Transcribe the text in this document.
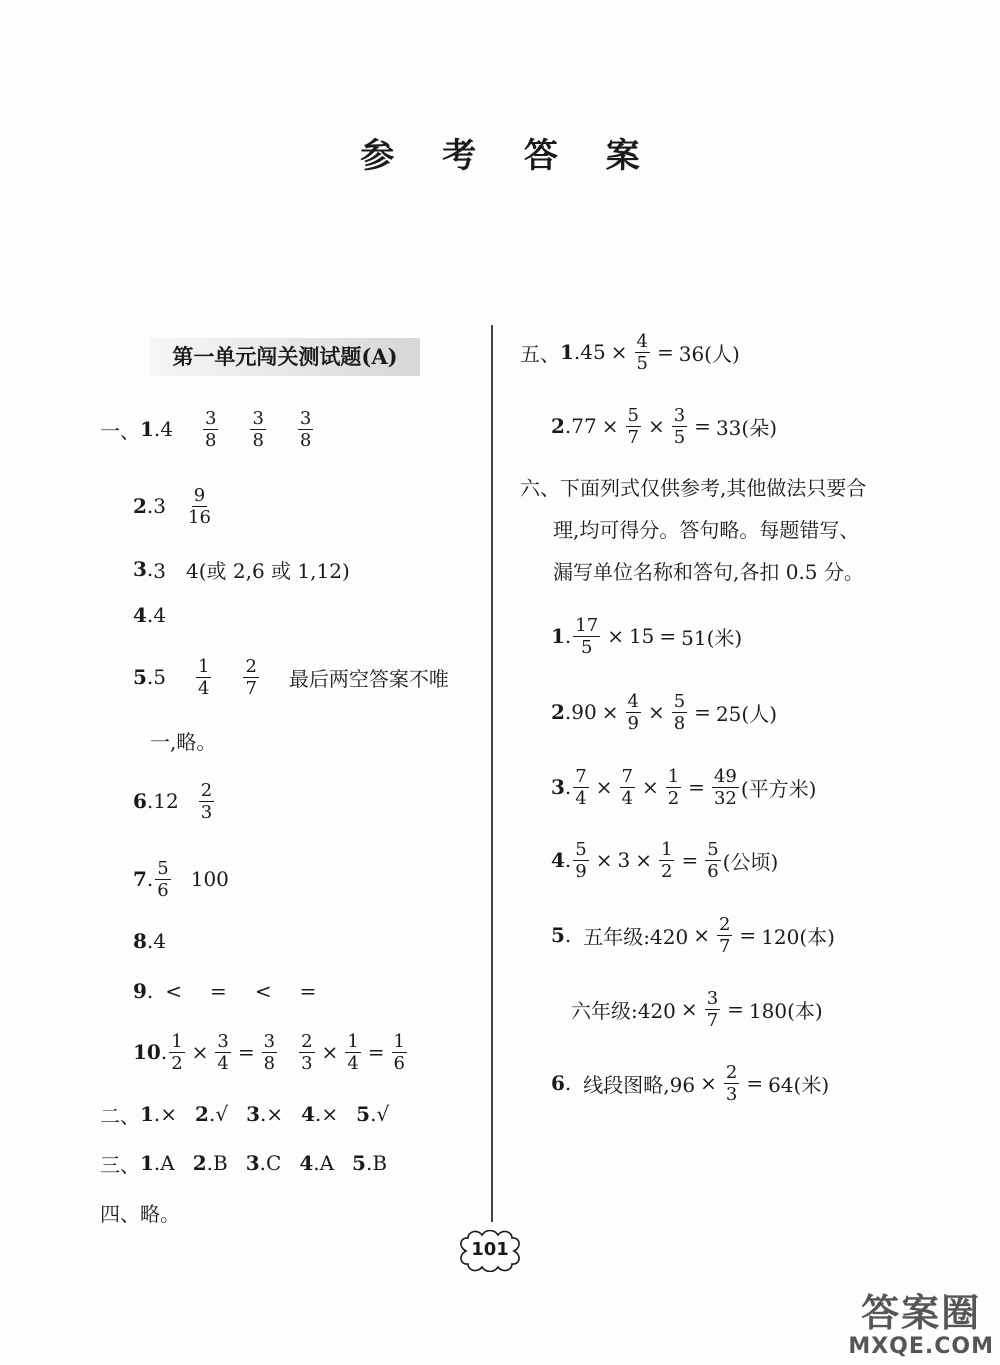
参 考 答 案
第一单元闯关测试题(A)
一、 1 . $4 \frac{3}{8} \frac{3}{8} \frac{3}{8}$
2 . $3 \frac{9}{16}$
3 . 3　4(或 2,6 或 1,12)
4 . 4
5 . $5 \frac{1}{4} \frac{2}{7}$ 最后两空答案不唯
一,略。
6 . $12 \frac{2}{3}$
7 . $\frac{5}{6} 100$
8 . 4
9 . < = < =
10 . $\frac{1}{2} \times \frac{3}{4} = \frac{3}{8} \frac{2}{3} \times \frac{1}{4} = \frac{1}{6}$
二、 1 . × 2 . √ 3 . × 4 . × 5 . √
三、 1 . A 2 . B 3 . C 4 . A 5 . B
四、略。
五、 1 . $45 \times \frac{4}{5} = 36$(人)
2 . $77 \times \frac{5}{7} \times \frac{3}{5} = 33$(朵)
六、下面列式仅供参考,其他做法只要合
理,均可得分。答句略。每题错写、
漏写单位名称和答句,各扣 0.5 分。
1 . $\frac{17}{5} \times 15 = 51$(米)
2 . $90 \times \frac{4}{9} \times \frac{5}{8} = 25$(人)
3 . $\frac{7}{4} \times \frac{7}{4} \times \frac{1}{2} = \frac{49}{32}$ (平方米)
4 . $\frac{5}{9} \times 3 \times \frac{1}{2} = \frac{5}{6}$ (公顷)
5 . 五年级:420 × $\frac{2}{7} = 120$(本)
六年级:420 × $\frac{3}{7} = 180$(本)
6 . 线段图略$,96 \times \frac{2}{3} = 64$(米)
101
答案圈
MXQE.COM
